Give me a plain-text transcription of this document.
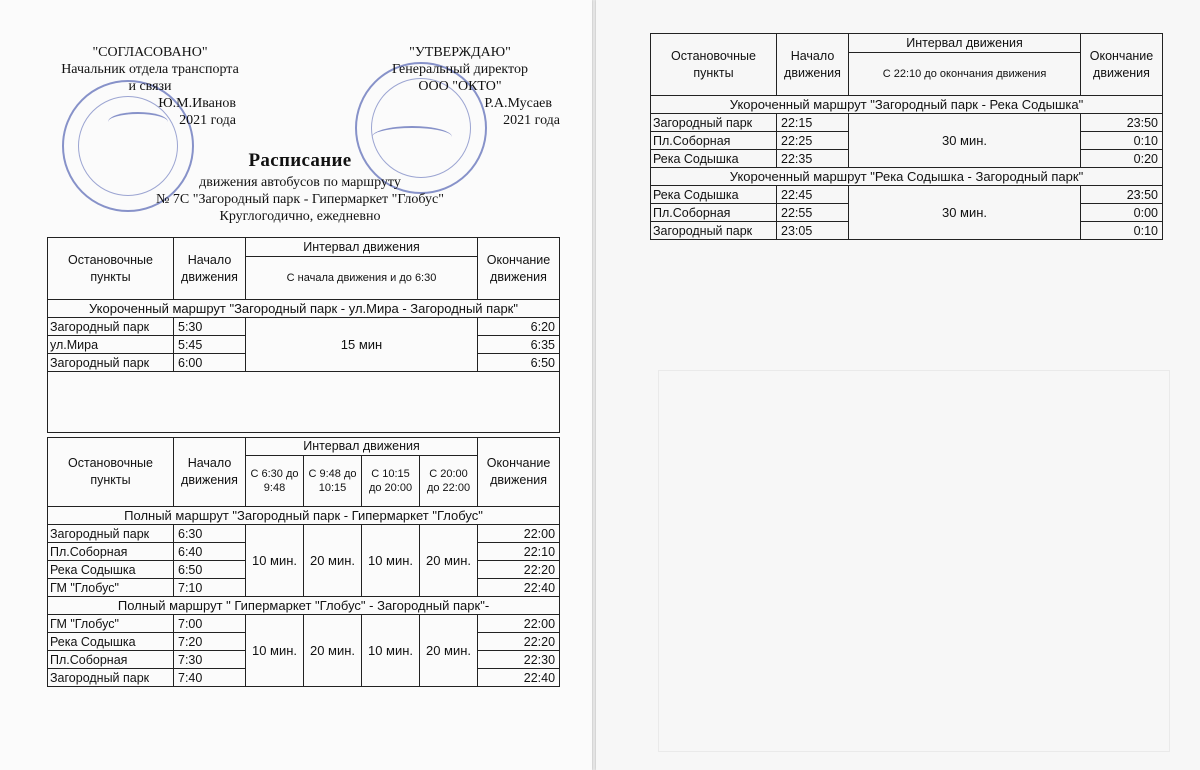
"СОГЛАСОВАНО"
Начальник отдела транспорта
и связи
Ю.М.Иванов
2021 года
"УТВЕРЖДАЮ"
Генеральный директор
ООО "ОКТО"
Р.А.Мусаев
2021 года
Расписание
движения автобусов по маршруту
№ 7С "Загородный парк - Гипермаркет "Глобус"
Круглогодично, ежедневно
Остановочные пункты	Начало движения	Интервал движения	Окончание движения
		С начала движения и до 6:30	
Укороченный маршрут "Загородный парк - ул.Мира - Загородный парк"			
Загородный парк	5:30	15 мин	6:20
ул.Мира	5:45		6:35
Загородный парк	6:00		6:50

Остановочные пункты	Начало движения	Интервал движения				Окончание движения
		С 6:30 до 9:48	С 9:48 до 10:15	С 10:15 до 20:00	С 20:00 до 22:00	
Полный маршрут "Загородный парк - Гипермаркет "Глобус"						
Загородный парк	6:30	10 мин.	20 мин.	10 мин.	20 мин.	22:00
Пл.Соборная	6:40					22:10
Река Содышка	6:50					22:20
ГМ "Глобус"	7:10					22:40
Полный маршрут " Гипермаркет "Глобус" - Загородный парк"-						
ГМ "Глобус"	7:00	10 мин.	20 мин.	10 мин.	20 мин.	22:00
Река Содышка	7:20					22:20
Пл.Соборная	7:30					22:30
Загородный парк	7:40					22:40
Остановочные пункты	Начало движения	Интервал движения	Окончание движения
		С 22:10 до окончания движения	
Укороченный маршрут "Загородный парк - Река Содышка"			
Загородный парк	22:15	30 мин.	23:50
Пл.Соборная	22:25		0:10
Река Содышка	22:35		0:20
Укороченный маршрут "Река Содышка - Загородный парк"			
Река Содышка	22:45	30 мин.	23:50
Пл.Соборная	22:55		0:00
Загородный парк	23:05		0:10
